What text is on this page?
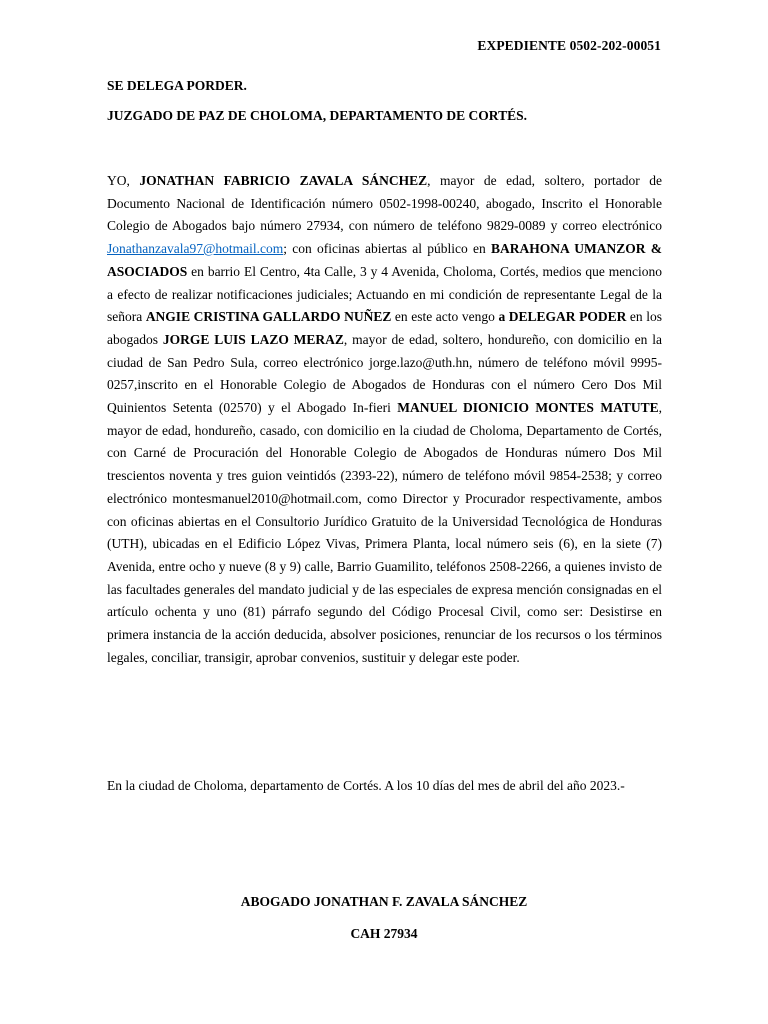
EXPEDIENTE 0502-202-00051
SE DELEGA PORDER.
JUZGADO DE PAZ DE CHOLOMA, DEPARTAMENTO DE CORTÉS.
YO, JONATHAN FABRICIO ZAVALA SÁNCHEZ, mayor de edad, soltero, portador de Documento Nacional de Identificación número 0502-1998-00240, abogado, Inscrito el Honorable Colegio de Abogados bajo número 27934, con número de teléfono 9829-0089 y correo electrónico Jonathanzavala97@hotmail.com; con oficinas abiertas al público en BARAHONA UMANZOR & ASOCIADOS en barrio El Centro, 4ta Calle, 3 y 4 Avenida, Choloma, Cortés, medios que menciono a efecto de realizar notificaciones judiciales; Actuando en mi condición de representante Legal de la señora ANGIE CRISTINA GALLARDO NUÑEZ en este acto vengo a DELEGAR PODER en los abogados JORGE LUIS LAZO MERAZ, mayor de edad, soltero, hondureño, con domicilio en la ciudad de San Pedro Sula, correo electrónico jorge.lazo@uth.hn, número de teléfono móvil 9995-0257,inscrito en el Honorable Colegio de Abogados de Honduras con el número Cero Dos Mil Quinientos Setenta (02570) y el Abogado In-fieri MANUEL DIONICIO MONTES MATUTE, mayor de edad, hondureño, casado, con domicilio en la ciudad de Choloma, Departamento de Cortés, con Carné de Procuración del Honorable Colegio de Abogados de Honduras número Dos Mil trescientos noventa y tres guion veintidós (2393-22), número de teléfono móvil 9854-2538; y correo electrónico montesmanuel2010@hotmail.com, como Director y Procurador respectivamente, ambos con oficinas abiertas en el Consultorio Jurídico Gratuito de la Universidad Tecnológica de Honduras (UTH), ubicadas en el Edificio López Vivas, Primera Planta, local número seis (6), en la siete (7) Avenida, entre ocho y nueve (8 y 9) calle, Barrio Guamilito, teléfonos 2508-2266, a quienes invisto de las facultades generales del mandato judicial y de las especiales de expresa mención consignadas en el artículo ochenta y uno (81) párrafo segundo del Código Procesal Civil, como ser: Desistirse en primera instancia de la acción deducida, absolver posiciones, renunciar de los recursos o los términos legales, conciliar, transigir, aprobar convenios, sustituir y delegar este poder.
En la ciudad de Choloma, departamento de Cortés. A los 10 días del mes de abril del año 2023.-
ABOGADO JONATHAN F. ZAVALA SÁNCHEZ
CAH 27934
